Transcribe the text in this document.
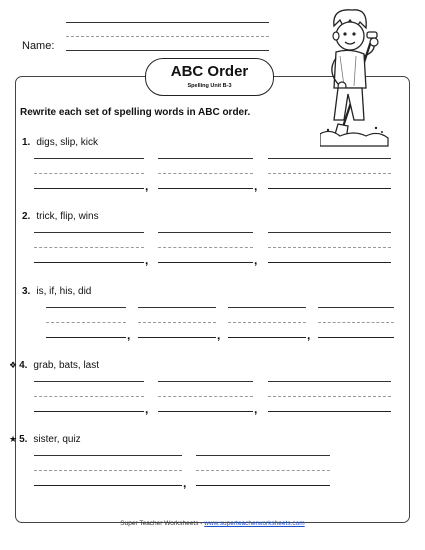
Name:
ABC Order
Spelling Unit B-3
Rewrite each set of spelling words in ABC order.
1. digs, slip, kick
,	,
2. trick, flip, wins
,	,
3. is, if, his, did
,	,	,
❖ 4. grab, bats, last
,	,
★ 5. sister, quiz
,
Super Teacher Worksheets - www.superteacherworksheets.com
